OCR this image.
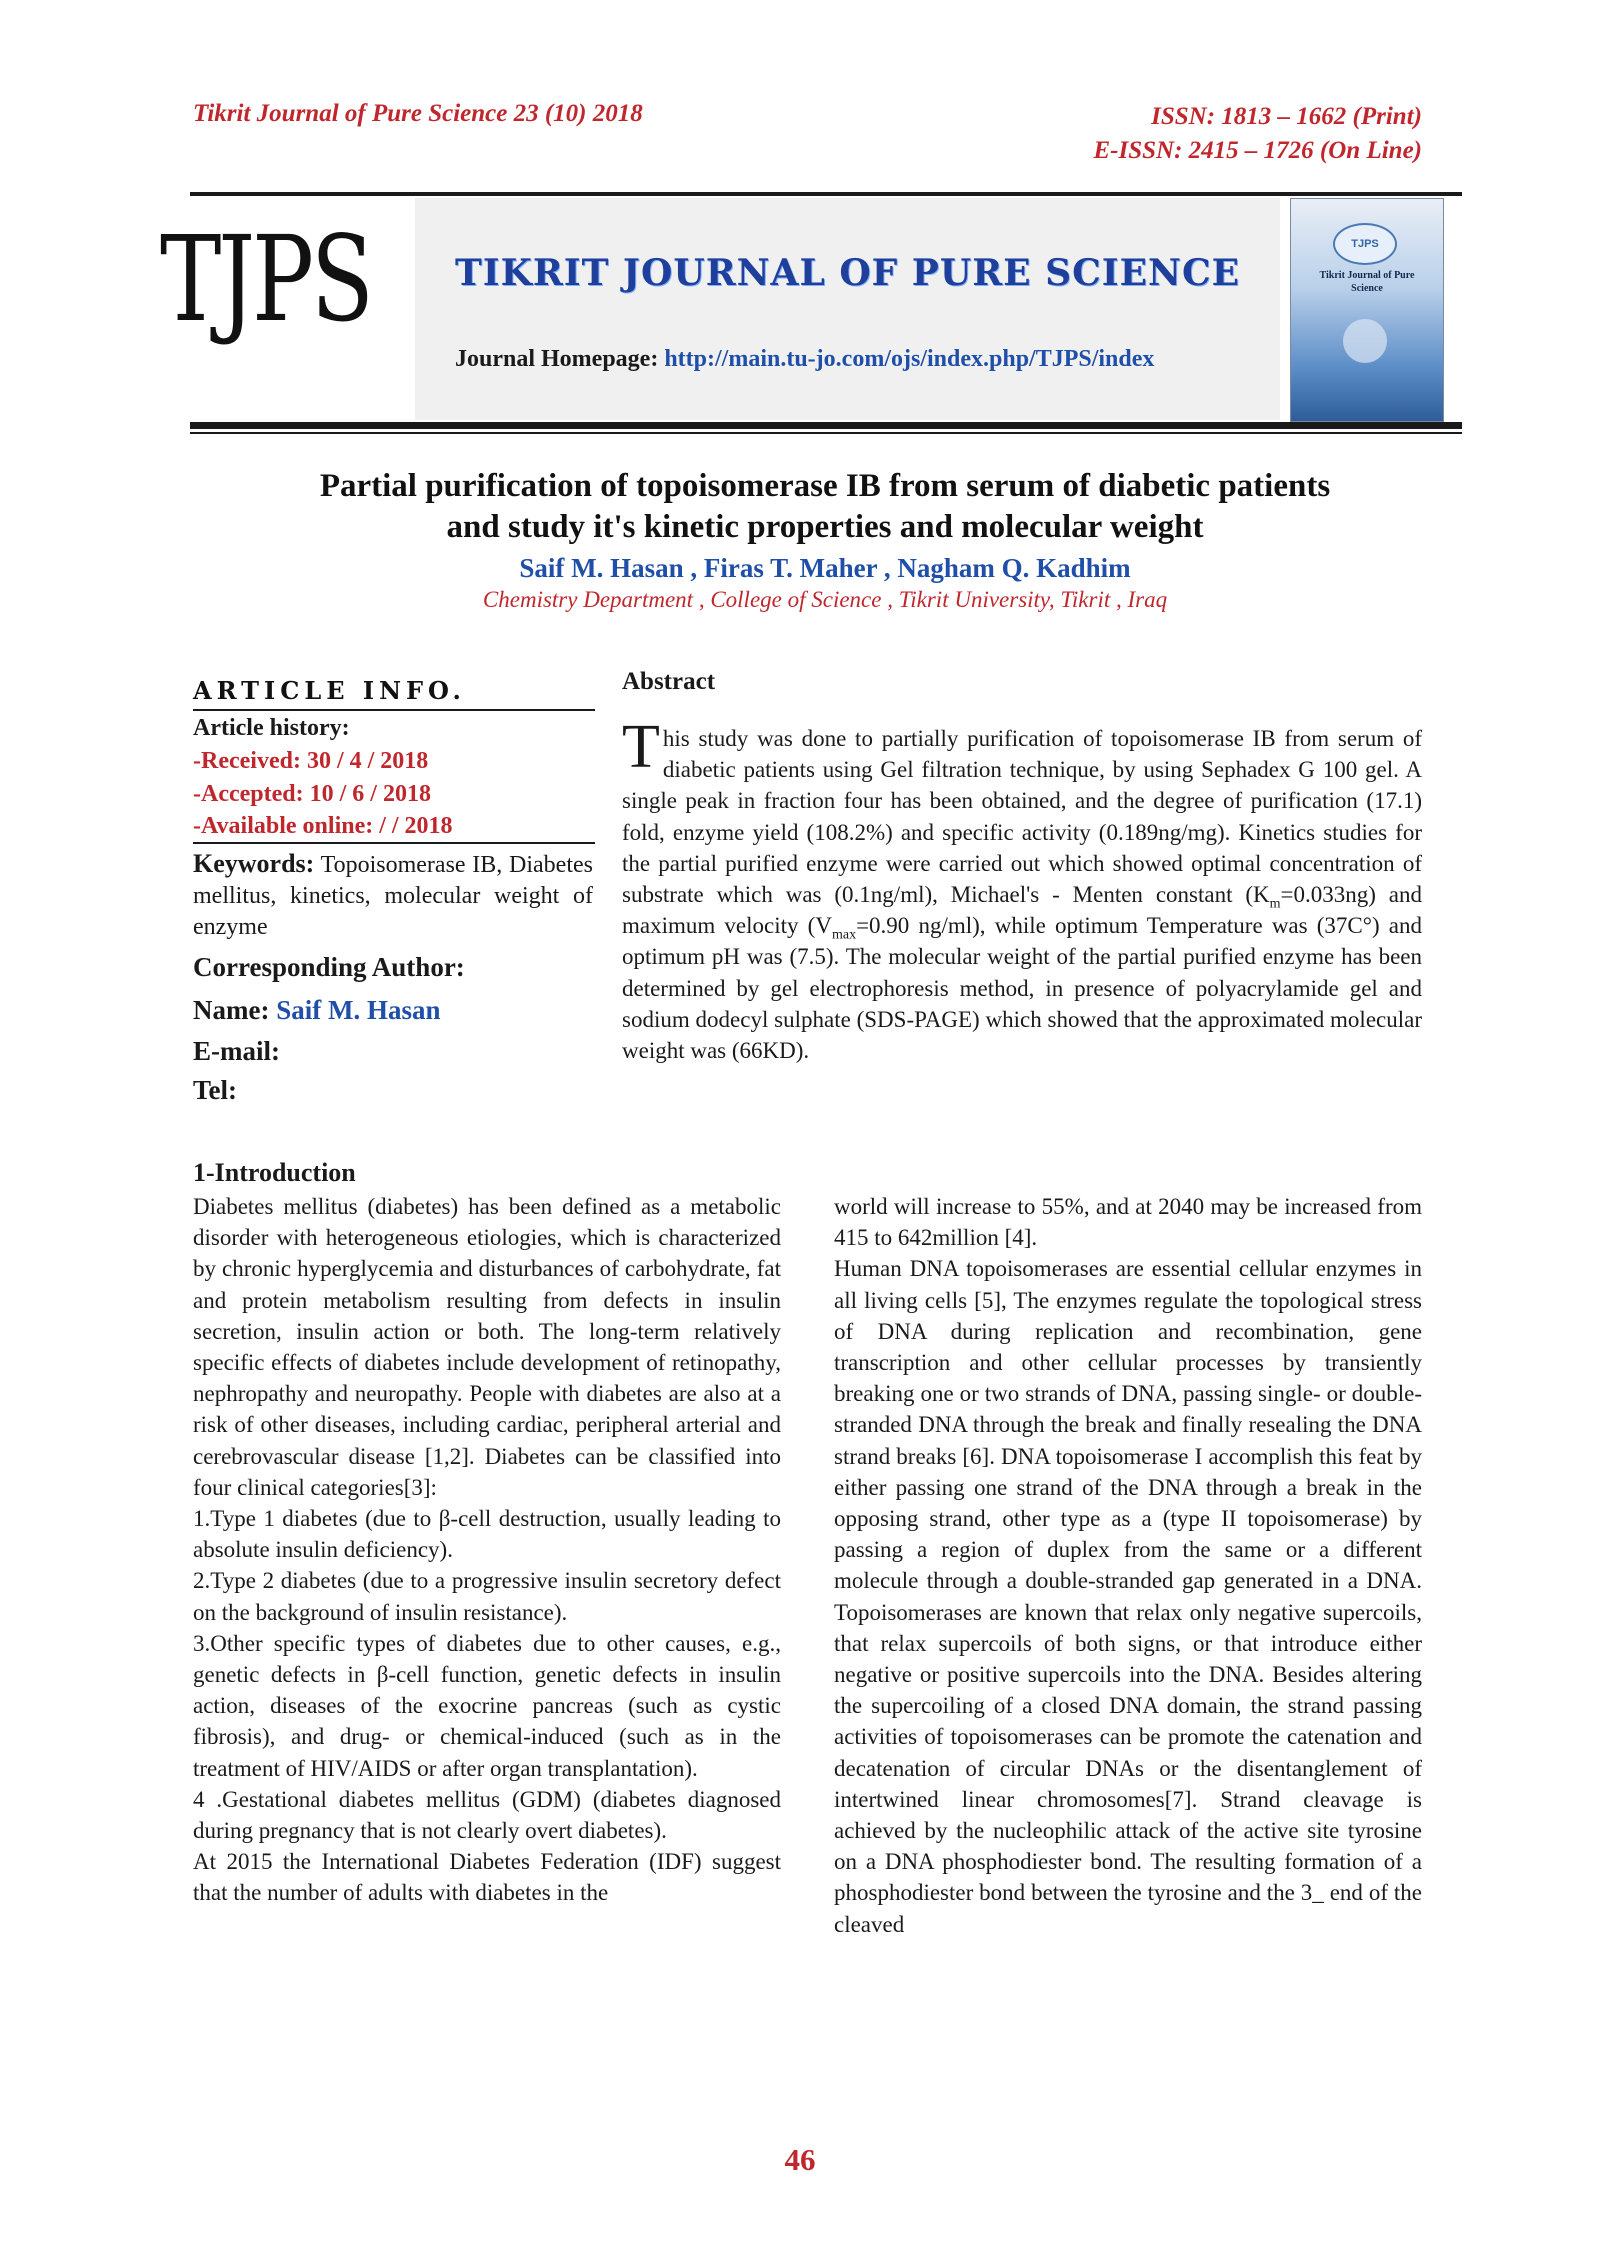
Tikrit Journal of Pure Science 23 (10) 2018	ISSN: 1813 – 1662 (Print)
E-ISSN: 2415 – 1726 (On Line)
TJPS	TIKRIT JOURNAL OF PURE SCIENCE
Journal Homepage: http://main.tu-jo.com/ojs/index.php/TJPS/index
TJPS
Tikrit Journal of Pure Science
Partial purification of topoisomerase IB from serum of diabetic patients
and study it's kinetic properties and molecular weight
Saif M. Hasan , Firas T. Maher , Nagham Q. Kadhim
Chemistry Department , College of Science , Tikrit University, Tikrit , Iraq
ARTICLE INFO.
Article history:
-Received: 30 / 4 / 2018
-Accepted: 10 / 6 / 2018
-Available online: / / 2018
Keywords: Topoisomerase IB, Diabetes mellitus, kinetics, molecular weight of enzyme
Corresponding Author:
Name: Saif M. Hasan
E-mail:
Tel:
Abstract
This study was done to partially purification of topoisomerase IB from serum of diabetic patients using Gel filtration technique, by using Sephadex G 100 gel. A single peak in fraction four has been obtained, and the degree of purification (17.1) fold, enzyme yield (108.2%) and specific activity (0.189ng/mg). Kinetics studies for the partial purified enzyme were carried out which showed optimal concentration of substrate which was (0.1ng/ml), Michael's - Menten constant $(K_m=0.033ng)$ and maximum velocity ($V_{max}=0.90$ ng/ml), while optimum Temperature was (37C°) and optimum pH was (7.5). The molecular weight of the partial purified enzyme has been determined by gel electrophoresis method, in presence of polyacrylamide gel and sodium dodecyl sulphate (SDS-PAGE) which showed that the approximated molecular weight was (66KD).
1-Introduction

Diabetes mellitus (diabetes) has been defined as a metabolic disorder with heterogeneous etiologies, which is characterized by chronic hyperglycemia and disturbances of carbohydrate, fat and protein metabolism resulting from defects in insulin secretion, insulin action or both. The long-term relatively specific effects of diabetes include development of retinopathy, nephropathy and neuropathy. People with diabetes are also at a risk of other diseases, including cardiac, peripheral arterial and cerebrovascular disease [1,2]. Diabetes can be classified into four clinical categories[3]:

1.Type 1 diabetes (due to β-cell destruction, usually leading to absolute insulin deficiency).

2.Type 2 diabetes (due to a progressive insulin secretory defect on the background of insulin resistance).

3.Other specific types of diabetes due to other causes, e.g., genetic defects in β-cell function, genetic defects in insulin action, diseases of the exocrine pancreas (such as cystic fibrosis), and drug- or chemical-induced (such as in the treatment of HIV/AIDS or after organ transplantation).

4 .Gestational diabetes mellitus (GDM) (diabetes diagnosed during pregnancy that is not clearly overt diabetes).

At 2015 the International Diabetes Federation (IDF) suggest that the number of adults with diabetes in the

world will increase to 55%, and at 2040 may be increased from 415 to 642million [4].

Human DNA topoisomerases are essential cellular enzymes in all living cells [5], The enzymes regulate the topological stress of DNA during replication and recombination, gene transcription and other cellular processes by transiently breaking one or two strands of DNA, passing single- or double-stranded DNA through the break and finally resealing the DNA strand breaks [6]. DNA topoisomerase I accomplish this feat by either passing one strand of the DNA through a break in the opposing strand, other type as a (type II topoisomerase) by passing a region of duplex from the same or a different molecule through a double-stranded gap generated in a DNA. Topoisomerases are known that relax only negative supercoils, that relax supercoils of both signs, or that introduce either negative or positive supercoils into the DNA. Besides altering the supercoiling of a closed DNA domain, the strand passing activities of topoisomerases can be promote the catenation and decatenation of circular DNAs or the disentanglement of intertwined linear chromosomes[7]. Strand cleavage is achieved by the nucleophilic attack of the active site tyrosine on a DNA phosphodiester bond. The resulting formation of a phosphodiester bond between the tyrosine and the 3_ end of the cleaved

46
